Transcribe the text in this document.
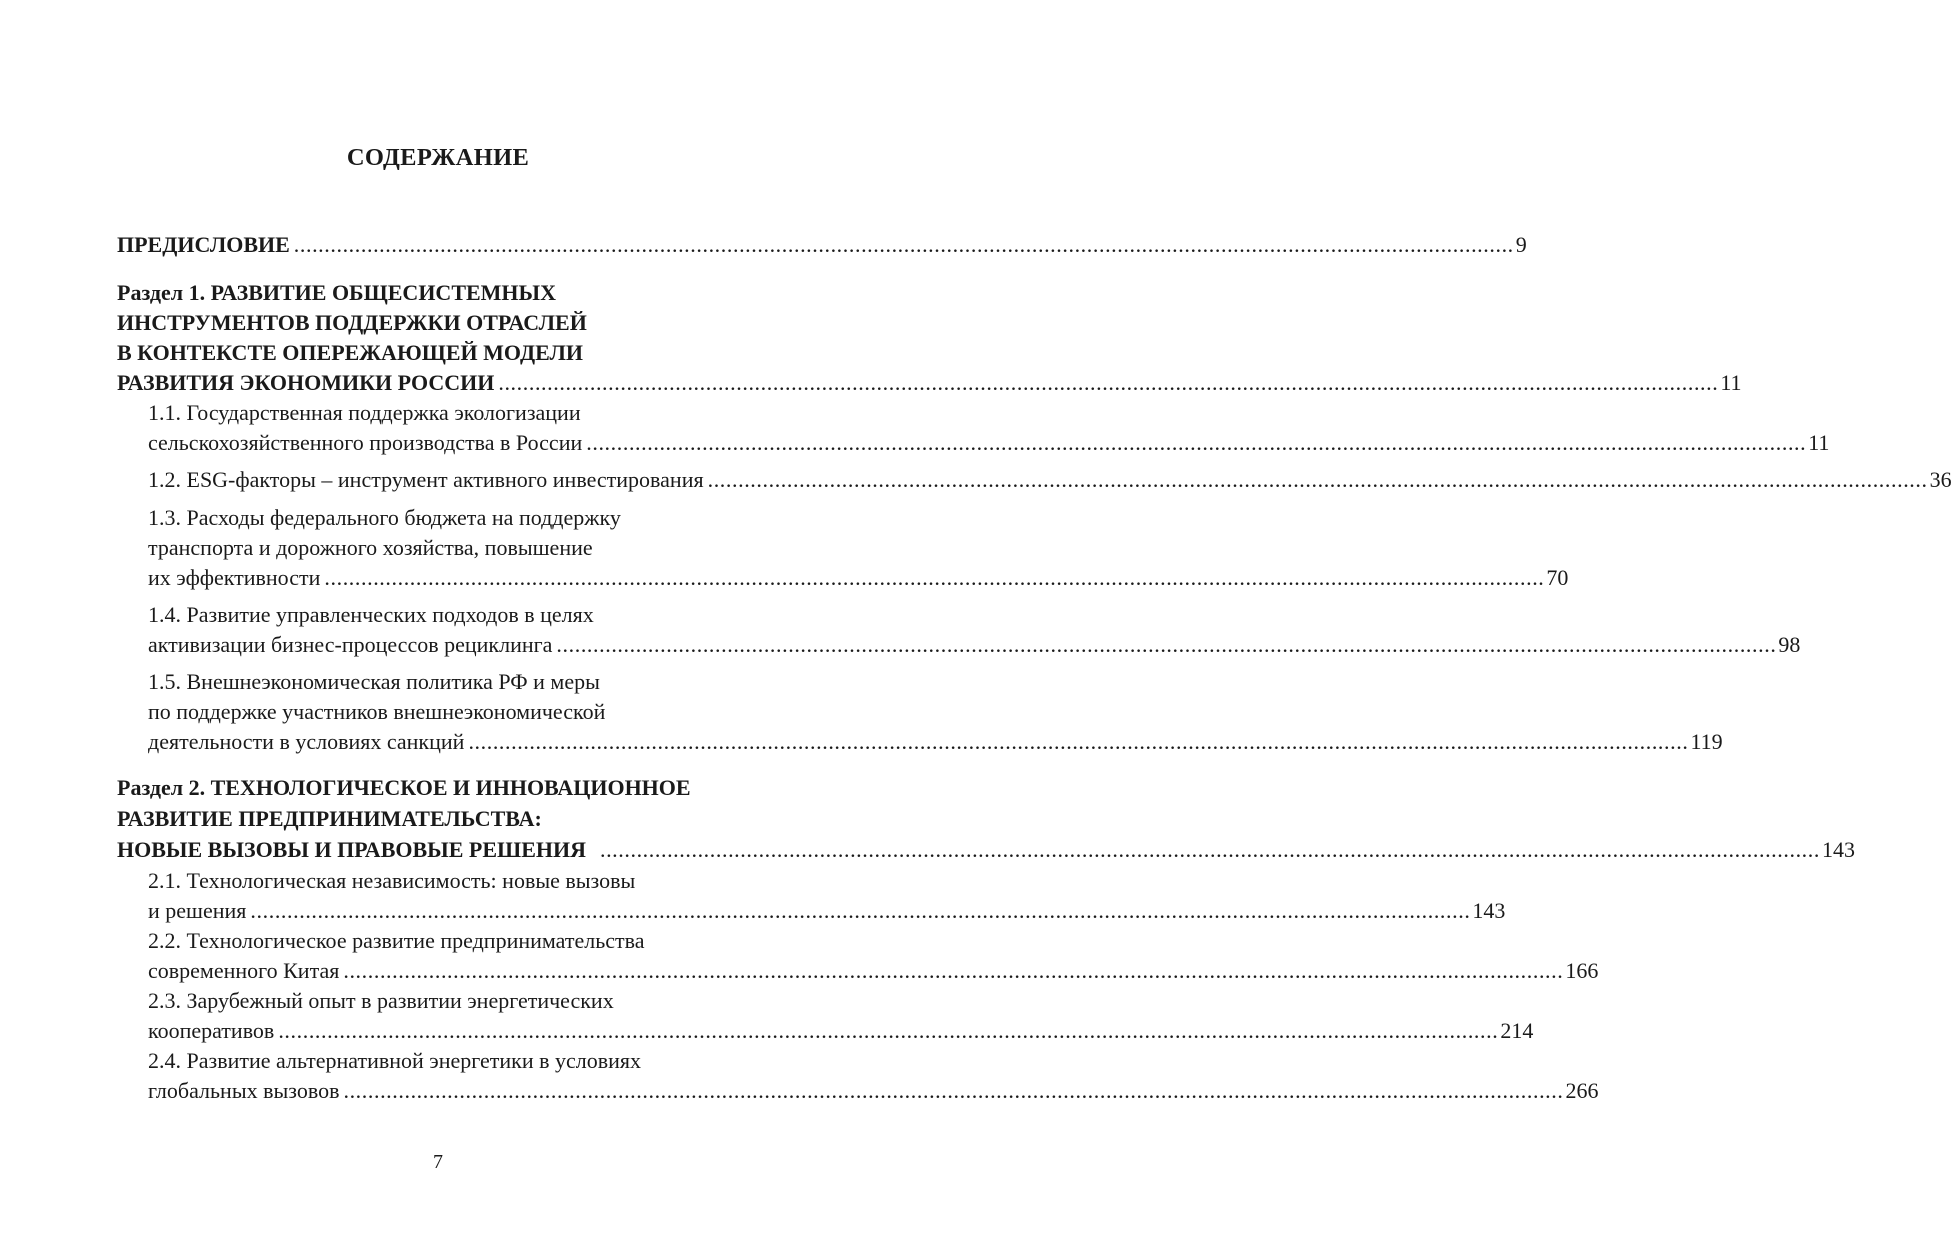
СОДЕРЖАНИЕ
ПРЕДИСЛОВИЕ ........................................................................................................................................................................................................ 9
Раздел 1. РАЗВИТИЕ ОБЩЕСИСТЕМНЫХ
ИНСТРУМЕНТОВ ПОДДЕРЖКИ ОТРАСЛЕЙ
В КОНТЕКСТЕ ОПЕРЕЖАЮЩЕЙ МОДЕЛИ
РАЗВИТИЯ ЭКОНОМИКИ РОССИИ ........................................................................................................................................................................................................ 11
1.1. Государственная поддержка экологизации
сельскохозяйственного производства в России ........................................................................................................................................................................................................ 11
1.2. ESG-факторы – инструмент активного инвестирования ........................................................................................................................................................................................................ 36
1.3. Расходы федерального бюджета на поддержку
транспорта и дорожного хозяйства, повышение
их эффективности ........................................................................................................................................................................................................ 70
1.4. Развитие управленческих подходов в целях
активизации бизнес-процессов рециклинга ........................................................................................................................................................................................................ 98
1.5. Внешнеэкономическая политика РФ и меры
по поддержке участников внешнеэкономической
деятельности в условиях санкций ........................................................................................................................................................................................................ 119
Раздел 2. ТЕХНОЛОГИЧЕСКОЕ И ИННОВАЦИОННОЕ
РАЗВИТИЕ ПРЕДПРИНИМАТЕЛЬСТВА:
НОВЫЕ ВЫЗОВЫ И ПРАВОВЫЕ РЕШЕНИЯ ........................................................................................................................................................................................................ 143
2.1. Технологическая независимость: новые вызовы
и решения ........................................................................................................................................................................................................ 143
2.2. Технологическое развитие предпринимательства
современного Китая ........................................................................................................................................................................................................ 166
2.3. Зарубежный опыт в развитии энергетических
кооперативов ........................................................................................................................................................................................................ 214
2.4. Развитие альтернативной энергетики в условиях
глобальных вызовов ........................................................................................................................................................................................................ 266
7
